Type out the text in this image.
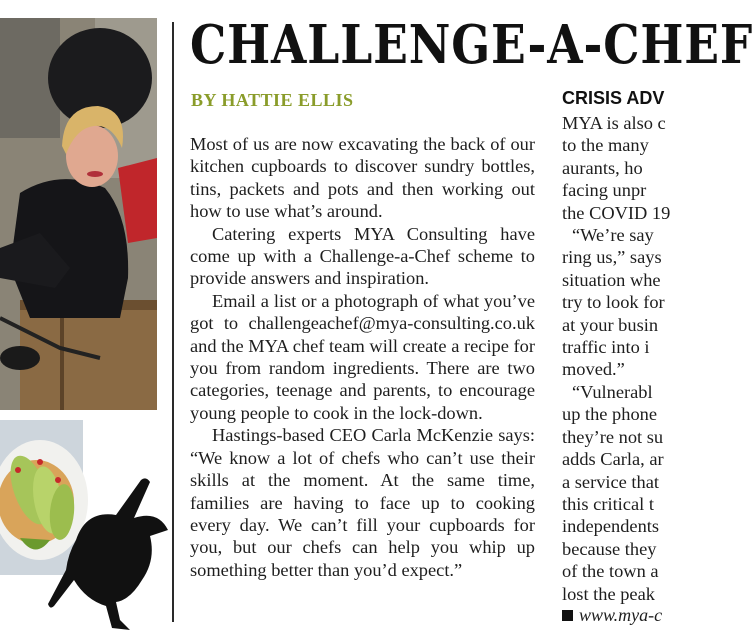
CHALLENGE-A-CHEF

BY HATTIE ELLIS

Most of us are now excavating the back of our kitchen cupboards to discover sundry bottles, tins, packets and pots and then working out how to use what’s around.

Catering experts MYA Consulting have come up with a Challenge-a-Chef scheme to provide answers and inspiration.

Email a list or a photograph of what you’ve got to challengeachef@mya-consulting.co.uk and the MYA chef team will create a recipe for you from random ingredients. There are two categories, teenage and parents, to encourage young people to cook in the lock-down.

Hastings-based CEO Carla McKenzie says: “We know a lot of chefs who can’t use their skills at the moment. At the same time, families are having to face up to cooking every day. We can’t fill your cupboards for you, but our chefs can help you whip up something better than you’d expect.”

CRISIS ADV
MYA is also c
to the many
aurants, ho
facing unpr
the COVID 19
“We’re say
ring us,” says
situation whe
try to look for
at your busin
traffic into i
moved.”
“Vulnerabl
up the phone
they’re not su
adds Carla, ar
a service that
this critical t
independents
because they
of the town a
lost the peak
www.mya-c
